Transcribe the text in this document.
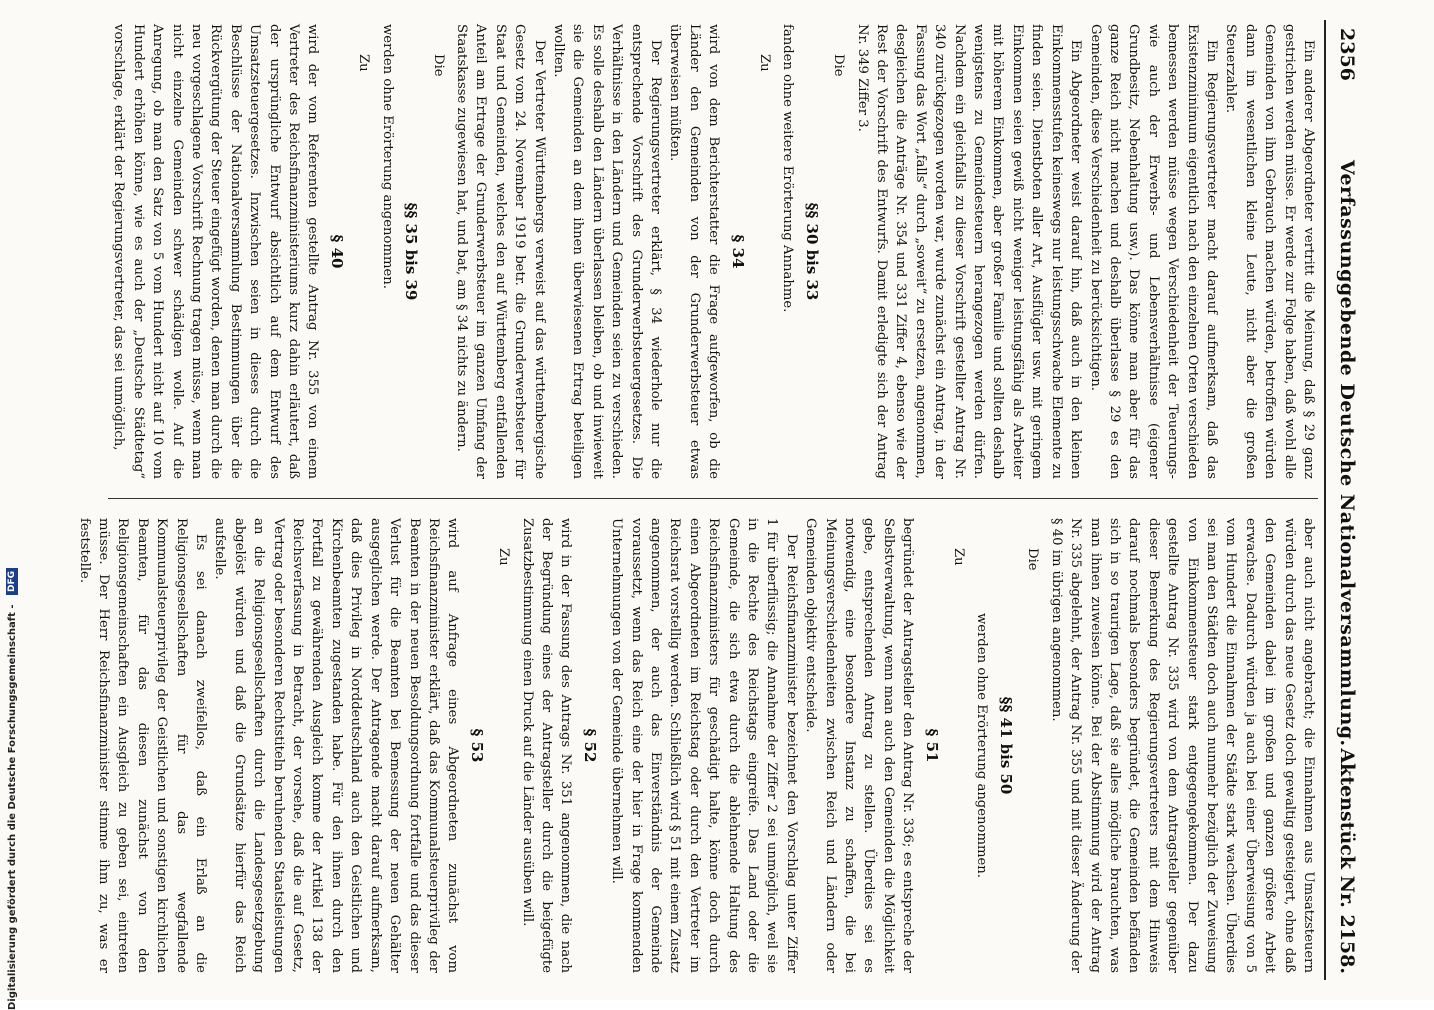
2356
Verfassunggebende Deutsche Nationalversammlung.
Aktenstück Nr. 2158.

Ein anderer Abgeordneter vertritt die Meinung, daß § 29 ganz gestrichen werden müsse. Er werde zur Folge haben, daß wohl alle Gemeinden von ihm Gebrauch machen würden, betroffen würden dann im wesentlichen kleine Leute, nicht aber die großen Steuerzahler.

Ein Regierungsvertreter macht darauf aufmerksam, daß das Existenzminimum eigentlich nach den einzelnen Orten verschieden bemessen werden müsse wegen Verschiedenheit der Teuerungs- wie auch der Erwerbs- und Lebensverhältnisse (eigener Grundbesitz, Nebenhaltung usw.). Das könne man aber für das ganze Reich nicht machen und deshalb überlasse § 29 es den Gemeinden, diese Verschiedenheit zu berücksichtigen.

Ein Abgeordneter weist darauf hin, daß auch in den kleinen Einkommensstufen keineswegs nur leistungsschwache Elemente zu finden seien. Dienstboten aller Art, Ausflügler usw. mit geringem Einkommen seien gewiß nicht weniger leistungsfähig als Arbeiter mit höherem Einkommen, aber großer Familie und sollten deshalb wenigstens zu Gemeindesteuern herangezogen werden dürfen. Nachdem ein gleichfalls zu dieser Vorschrift gestellter Antrag Nr. 340 zurückgezogen worden war, wurde zunächst ein Antrag, in der Fassung das Wort „falls“ durch „soweit“ zu ersetzen, angenommen, desgleichen die Anträge Nr. 354 und 331 Ziffer 4, ebenso wie der Rest der Vorschrift des Entwurfs. Damit erledigte sich der Antrag Nr. 349 Ziffer 3.

Die
§§ 30 bis 33

fanden ohne weitere Erörterung Annahme.

Zu
§ 34

wird von dem Berichterstatter die Frage aufgeworfen, ob die Länder den Gemeinden von der Grunderwerbsteuer etwas überweisen müßten.

Der Regierungsvertreter erklärt, § 34 wiederhole nur die entsprechende Vorschrift des Grunderwerbsteuergesetzes. Die Verhältnisse in den Ländern und Gemeinden seien zu verschieden. Es solle deshalb den Ländern überlassen bleiben, ob und inwieweit sie die Gemeinden an dem ihnen überwiesenen Ertrag beteiligen wollten.

Der Vertreter Württembergs verweist auf das württembergische Gesetz vom 24. November 1919 betr. die Grunderwerbsteuer für Staat und Gemeinden, welches den auf Württemberg entfallenden Anteil am Ertrage der Grunderwerbsteuer im ganzen Umfang der Staatskasse zugewiesen hat, und bat, am § 34 nichts zu ändern.

Die
§§ 35 bis 39

werden ohne Erörterung angenommen.

Zu
§ 40

wird der vom Referenten gestellte Antrag Nr. 355 von einem Vertreter des Reichsfinanzministeriums kurz dahin erläutert, daß der ursprüngliche Entwurf absichtlich auf dem Entwurf des Umsatzsteuergesetzes. Inzwischen seien in dieses durch die Beschlüsse der Nationalversammlung Bestimmungen über die Rückvergütung der Steuer eingefügt worden, denen man durch die neu vorgeschlagene Vorschrift Rechnung tragen müsse, wenn man nicht einzelne Gemeinden schwer schädigen wolle. Auf die Anregung, ob man den Satz von 5 vom Hundert nicht auf 10 vom Hundert erhöhen könne, wie es auch der „Deutsche Städtetag“ vorschlage, erklärt der Regierungsvertreter, das sei unmöglich,

aber auch nicht angebracht; die Einnahmen aus Umsatzsteuern würden durch das neue Gesetz doch gewaltig gesteigert, ohne daß den Gemeinden dabei im großen und ganzen größere Arbeit erwachse. Dadurch würden ja auch bei einer Überweisung von 5 vom Hundert die Einnahmen der Städte stark wachsen. Überdies sei man den Städten doch auch nunmehr bezüglich der Zuweisung von Einkommensteuer stark entgegengekommen. Der dazu gestellte Antrag Nr. 335 wird von dem Antragsteller gegenüber dieser Bemerkung des Regierungsvertreters mit dem Hinweis darauf nochmals besonders begründet, die Gemeinden befänden sich in so traurigen Lage, daß sie alles mögliche brauchten, was man ihnen zuweisen könne. Bei der Abstimmung wird der Antrag Nr. 335 abgelehnt, der Antrag Nr. 355 und mit dieser Änderung der § 40 im übrigen angenommen.

Die
§§ 41 bis 50

werden ohne Erörterung angenommen.

Zu
§ 51

begründet der Antragsteller den Antrag Nr. 336; es entspreche der Selbstverwaltung, wenn man auch den Gemeinden die Möglichkeit gebe, entsprechenden Antrag zu stellen. Überdies sei es notwendig, eine besondere Instanz zu schaffen, die bei Meinungsverschiedenheiten zwischen Reich und Ländern oder Gemeinden objektiv entscheide.

Der Reichsfinanzminister bezeichnet den Vorschlag unter Ziffer 1 für überflüssig; die Annahme der Ziffer 2 sei unmöglich, weil sie in die Rechte des Reichstags eingreife. Das Land oder die Gemeinde, die sich etwa durch die ablehnende Haltung des Reichsfinanzministers für geschädigt halte, könne doch durch einen Abgeordneten im Reichstag oder durch den Vertreter im Reichsrat vorstellig werden. Schließlich wird § 51 mit einem Zusatz angenommen, der auch das Einverständnis der Gemeinde voraussetzt, wenn das Reich eine der hier in Frage kommenden Unternehmungen von der Gemeinde übernehmen will.

§ 52

wird in der Fassung des Antrags Nr. 351 angenommen, die nach der Begründung eines der Antragsteller durch die beigefügte Zusatzbestimmung einen Druck auf die Länder ausüben will.

Zu
§ 53

wird auf Anfrage eines Abgeordneten zunächst vom Reichsfinanzminister erklärt, daß das Kommunalsteuerprivileg der Beamten in der neuen Besoldungsordnung fortfalle und das dieser Verlust für die Beamten bei Bemessung der neuen Gehälter ausgeglichen werde. Der Antragende macht darauf aufmerksam, daß dies Privileg in Norddeutschland auch den Geistlichen und Kirchenbeamten zugestanden habe. Für den ihnen durch den Fortfall zu gewährenden Ausgleich komme der Artikel 138 der Reichsverfassung in Betracht, der vorsehe, daß die auf Gesetz, Vertrag oder besonderen Rechtstiteln beruhenden Staatsleistungen an die Religionsgesellschaften durch die Landesgesetzgebung abgelöst würden und daß die Grundsätze hierfür das Reich aufstelle.

Es sei danach zweifellos, daß ein Erlaß an die Religionsgesellschaften für das wegfallende Kommunalsteuerprivileg der Geistlichen und sonstigen kirchlichen Beamten, für das diesen zunächst von den Religionsgemeinschaften ein Ausgleich zu geben sei, eintreten müsse. Der Herr Reichsfinanzminister stimme ihm zu, was er feststelle.

Digitalisierung gefördert durch die Deutsche Forschungsgemeinschaft - DFG
